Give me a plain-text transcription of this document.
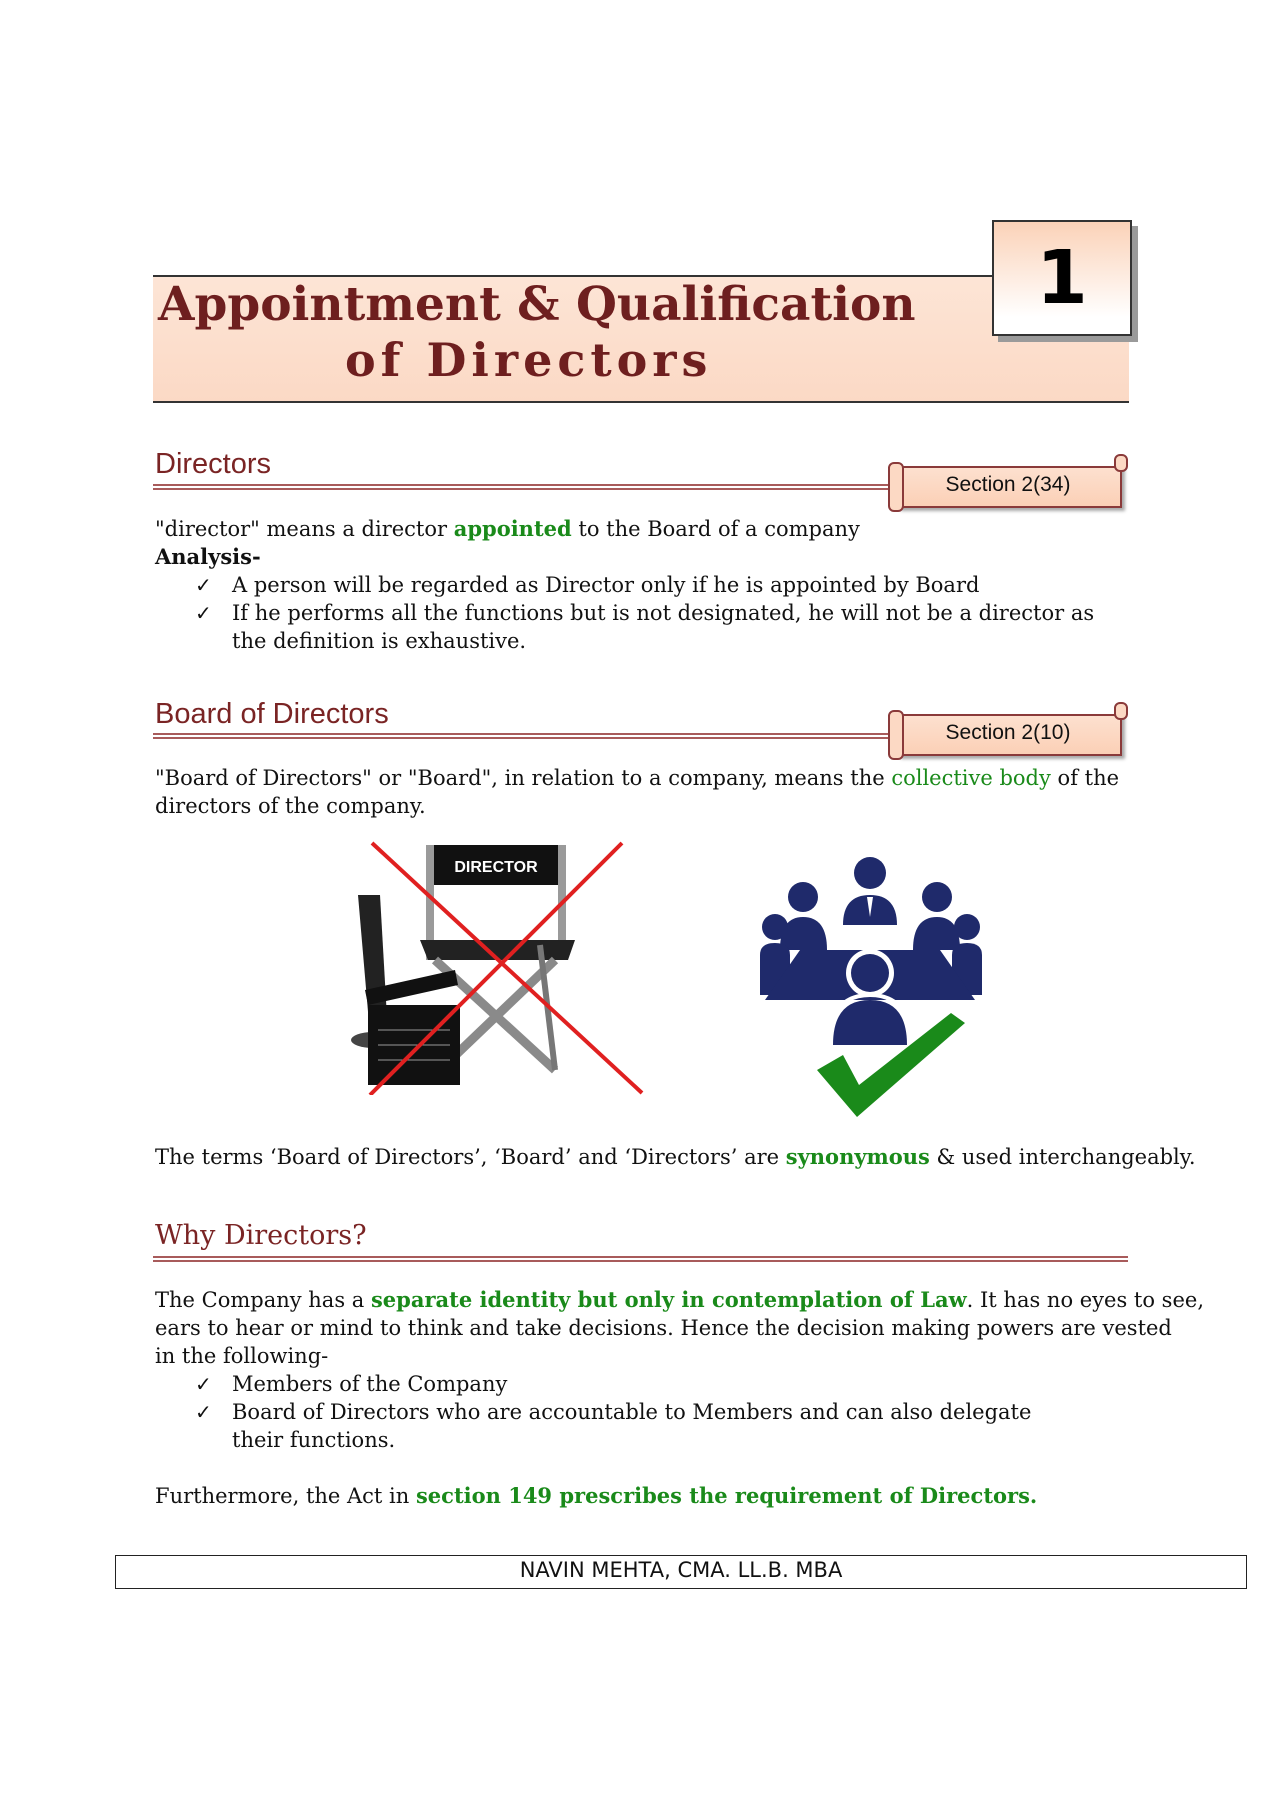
Appointment & Qualification
of Directors
1
Directors
Section 2(34)
"director" means a director appointed to the Board of a company
Analysis-
✓ A person will be regarded as Director only if he is appointed by Board
✓ If he performs all the functions but is not designated, he will not be a director as
the definition is exhaustive.
Board of Directors
Section 2(10)
"Board of Directors" or "Board", in relation to a company, means the collective body of the
directors of the company.
DIRECTOR
The terms ‘Board of Directors’, ‘Board’ and ‘Directors’ are synonymous & used interchangeably.
Why Directors?
The Company has a separate identity but only in contemplation of Law. It has no eyes to see,
ears to hear or mind to think and take decisions. Hence the decision making powers are vested
in the following-
✓ Members of the Company
✓ Board of Directors who are accountable to Members and can also delegate
their functions.
Furthermore, the Act in section 149 prescribes the requirement of Directors.
NAVIN MEHTA, CMA. LL.B. MBA
